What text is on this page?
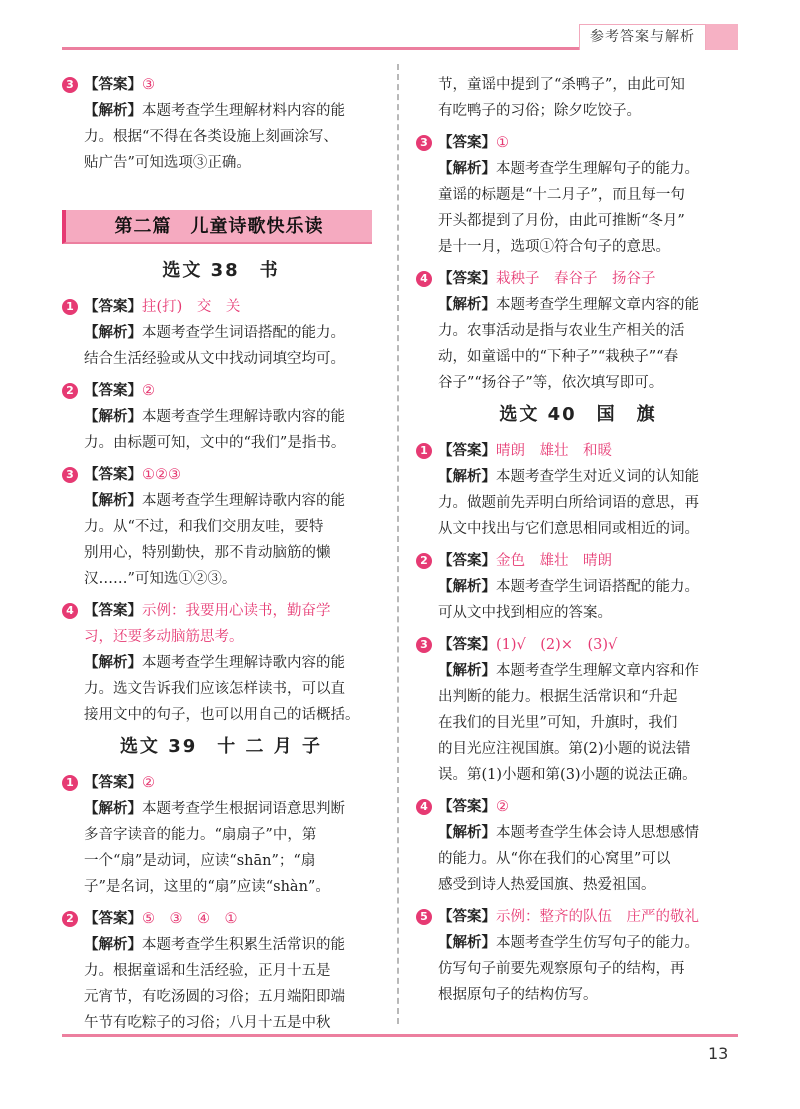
参考答案与解析
3 【答案】③
【解析】本题考查学生理解材料内容的能
力。根据“不得在各类设施上刻画涂写、
贴广告”可知选项③正确。
第二篇　儿童诗歌快乐读
选文 38　书
1 【答案】拄(打)　交　关
【解析】本题考查学生词语搭配的能力。
结合生活经验或从文中找动词填空均可。
2 【答案】②
【解析】本题考查学生理解诗歌内容的能
力。由标题可知，文中的“我们”是指书。
3 【答案】①②③
【解析】本题考查学生理解诗歌内容的能
力。从“不过，和我们交朋友哇，要特
别用心，特别勤快，那不肯动脑筋的懒
汉……”可知选①②③。
4 【答案】示例：我要用心读书，勤奋学
习，还要多动脑筋思考。
【解析】本题考查学生理解诗歌内容的能
力。选文告诉我们应该怎样读书，可以直
接用文中的句子，也可以用自己的话概括。
选文 39　十 二 月 子
1 【答案】②
【解析】本题考查学生根据词语意思判断
多音字读音的能力。“扇扇子”中，第
一个“扇”是动词，应读“shān”；“扇
子”是名词，这里的“扇”应读“shàn”。
2 【答案】⑤　③　④　①
【解析】本题考查学生积累生活常识的能
力。根据童谣和生活经验，正月十五是
元宵节，有吃汤圆的习俗；五月端阳即端
午节有吃粽子的习俗；八月十五是中秋
节，童谣中提到了“杀鸭子”，由此可知
有吃鸭子的习俗；除夕吃饺子。
3 【答案】①
【解析】本题考查学生理解句子的能力。
童谣的标题是“十二月子”，而且每一句
开头都提到了月份，由此可推断“冬月”
是十一月，选项①符合句子的意思。
4 【答案】栽秧子　春谷子　扬谷子
【解析】本题考查学生理解文章内容的能
力。农事活动是指与农业生产相关的活
动，如童谣中的“下种子”“栽秧子”“春
谷子”“扬谷子”等，依次填写即可。
选文 40　国　旗
1 【答案】晴朗　雄壮　和暖
【解析】本题考查学生对近义词的认知能
力。做题前先弄明白所给词语的意思，再
从文中找出与它们意思相同或相近的词。
2 【答案】金色　雄壮　晴朗
【解析】本题考查学生词语搭配的能力。
可从文中找到相应的答案。
3 【答案】(1)√　(2)×　(3)√
【解析】本题考查学生理解文章内容和作
出判断的能力。根据生活常识和“升起
在我们的目光里”可知，升旗时，我们
的目光应注视国旗。第(2)小题的说法错
误。第(1)小题和第(3)小题的说法正确。
4 【答案】②
【解析】本题考查学生体会诗人思想感情
的能力。从“你在我们的心窝里”可以
感受到诗人热爱国旗、热爱祖国。
5 【答案】示例：整齐的队伍　庄严的敬礼
【解析】本题考查学生仿写句子的能力。
仿写句子前要先观察原句子的结构，再
根据原句子的结构仿写。
13
